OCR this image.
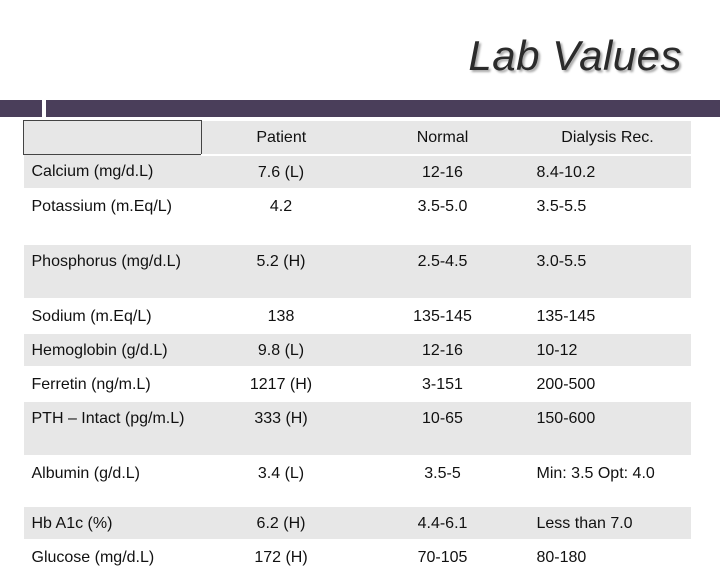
Lab Values
	Patient	Normal	Dialysis Rec.
Calcium (mg/d.L)	7.6 (L)	12-16	8.4-10.2
Potassium (m.Eq/L)	4.2	3.5-5.0	3.5-5.5
Phosphorus (mg/d.L)	5.2 (H)	2.5-4.5	3.0-5.5
Sodium (m.Eq/L)	138	135-145	135-145
Hemoglobin (g/d.L)	9.8 (L)	12-16	10-12
Ferretin (ng/m.L)	1217 (H)	3-151	200-500
PTH – Intact (pg/m.L)	333 (H)	10-65	150-600
Albumin (g/d.L)	3.4 (L)	3.5-5	Min: 3.5 Opt: 4.0
Hb A1c (%)	6.2 (H)	4.4-6.1	Less than 7.0
Glucose (mg/d.L)	172 (H)	70-105	80-180
